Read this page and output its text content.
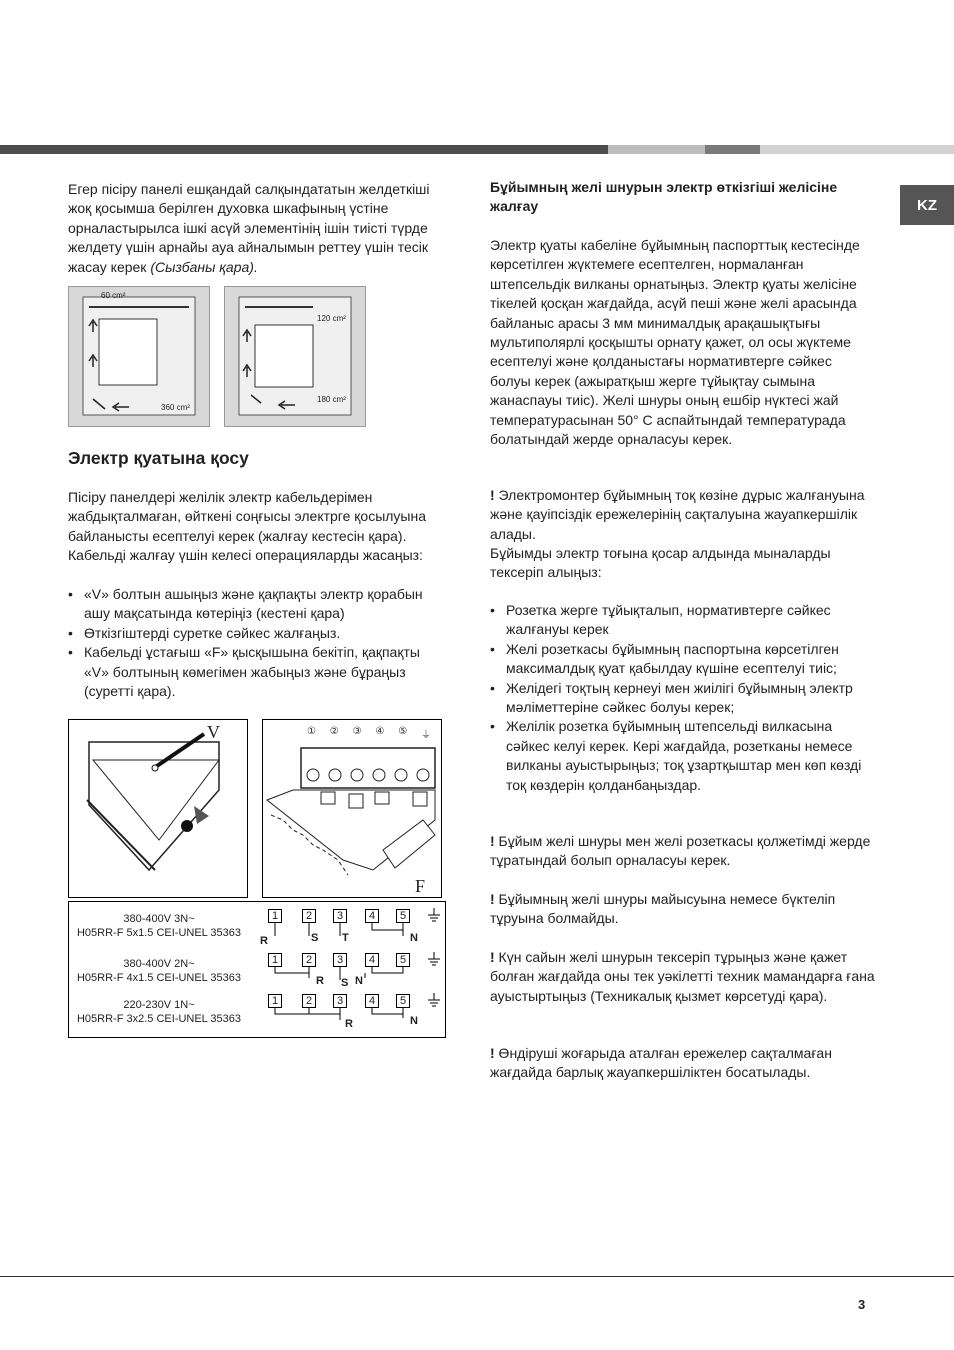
KZ

Егер пісіру панелі ешқандай салқындататын желдеткіші жоқ қосымша берілген духовка шкафының үстіне орналастырылса ішкі асүй элементінің ішін тиісті түрде желдету үшін арнайы ауа айналымын реттеу үшін тесік жасау керек (Сызбаны қара).

60 cm²
360 cm²
120 cm²
180 cm²

Электр қуатына қосу

Пісіру панелдері желілік электр кабельдерімен жабдықталмаған, өйткені соңғысы электрге қосылуына байланысты есептелуі керек (жалғау кестесін қара). Кабельді жалғау үшін келесі операцияларды жасаңыз:

• «V» болтын ашыңыз және қақпақты электр қорабын ашу мақсатында көтеріңіз (кестені қара)
• Өткізгіштерді суретке сәйкес жалғаңыз.
• Кабельді ұстағыш «F» қысқышына бекітіп, қақпақты «V» болтының көмегімен жабыңыз және бұраңыз (суретті қара).
V	① ② ③ ④ ⑤ ⏚
F
380-400V 3N~
H05RR-F 5x1.5 CEI-UNEL 35363
1	2	3	4	5
R	S T	N
380-400V 2N~
H05RR-F 4x1.5 CEI-UNEL 35363
1	2	3	4	5
R S N
220-230V 1N~
H05RR-F 3x2.5 CEI-UNEL 35363
1	2	3	4	5
R	N

Бұйымның желі шнурын электр өткізгіші желісіне жалғау

Электр қуаты кабеліне бұйымның паспорттық кестесінде көрсетілген жүктемеге есептелген, нормаланған штепсельдік вилканы орнатыңыз. Электр қуаты желісіне тікелей қосқан жағдайда, асүй пеші және желі арасында байланыс арасы 3 мм минималдық арақашықтығы мультиполярлі қосқышты орнату қажет, ол осы жүктеме есептелуі және қолданыстағы нормативтерге сәйкес болуы керек (ажыратқыш жерге тұйықтау сымына жанаспауы тиіс). Желі шнуры оның ешбір нүктесі жай температурасынан 50° C аспайтындай температурада болатындай жерде орналасуы керек.

! Электромонтер бұйымның тоқ көзіне дұрыс жалғануына және қауіпсіздік ережелерінің сақталуына жауапкершілік алады.

Бұйымды электр тоғына қосар алдында мыналарды тексеріп алыңыз:

• Розетка жерге тұйықталып, нормативтерге сәйкес жалғануы керек
• Желі розеткасы бұйымның паспортына көрсетілген максималдық қуат қабылдау күшіне есептелуі тиіс;
• Желідегі тоқтың кернеуі мен жиілігі бұйымның электр мәліметтеріне сәйкес болуы керек;
• Желілік розетка бұйымның штепсельді вилкасына сәйкес келуі керек. Кері жағдайда, розетканы немесе вилканы ауыстырыңыз; тоқ ұзартқыштар мен көп көзді тоқ көздерін қолданбаңыздар.

! Бұйым желі шнуры мен желі розеткасы қолжетімді жерде тұратындай болып орналасуы керек.

! Бұйымның желі шнуры майысуына немесе бүктеліп тұруына болмайды.

! Күн сайын желі шнурын тексеріп тұрыңыз және қажет болған жағдайда оны тек уәкілетті техник мамандарға ғана ауыстыртыңыз (Техникалық қызмет көрсетуді қара).

! Өндіруші жоғарыда аталған ережелер сақталмаған жағдайда барлық жауапкершіліктен босатылады.

3
